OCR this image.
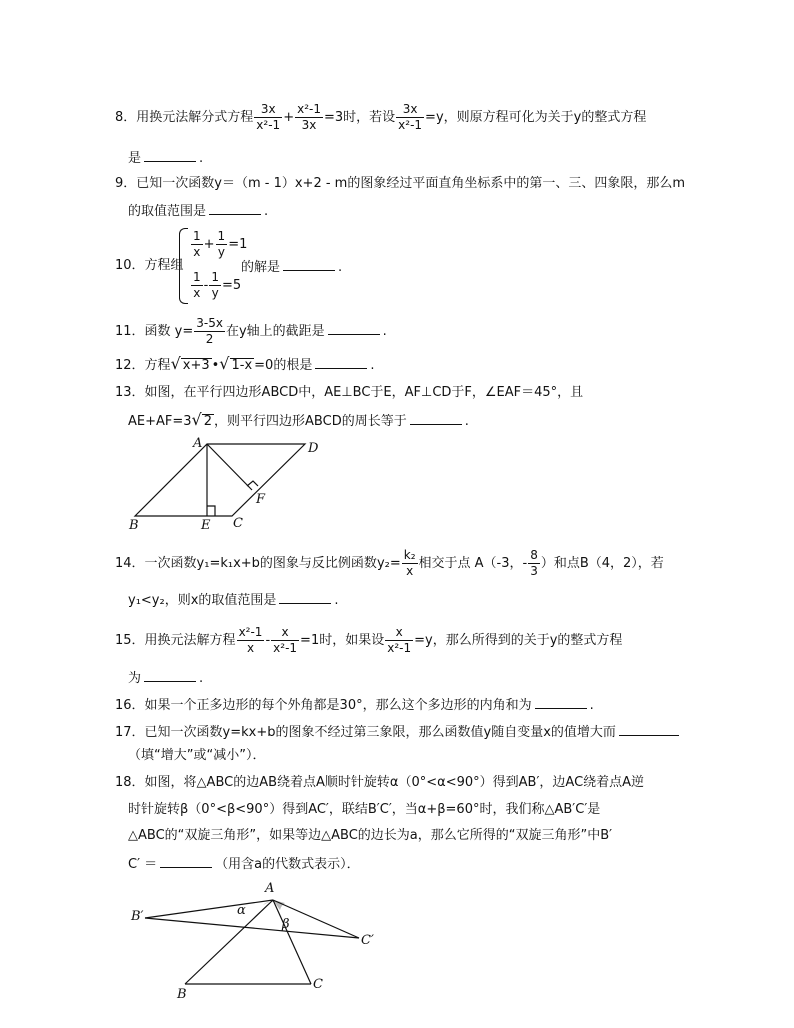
8．用换元法解分式方程 $\frac{3x}{\text{x²-1}} + \frac{\text{x²-1}}{3x} =3$时，若设 $\frac{3x}{\text{x²-1}} =y$，则原方程可化为关于y的整式方程
是	.
9．已知一次函数y＝（m - 1）x+2 - m的图象经过平面直角坐标系中的第一、三、四象限，那么m
的取值范围是	.
10．方程组
$\frac{1}{x} + \frac{1}{y} =1$
$\frac{1}{x} - \frac{1}{y} =5$
的解是	.
11．函数 $y= \frac{3-5x}{2}$ 在y轴上的截距是	.
12．方程√ x+3 •√ 1-x =0的根是	.
13．如图，在平行四边形ABCD中，AE⊥BC于E，AF⊥CD于F，∠EAF＝45°，且
AE+AF=3√ 2 ，则平行四边形ABCD的周长等于	.
A	D
F
B	E C
14．一次函数y₁=k₁x+b的图象与反比例函数$y_2= \frac{\text{k₂}}{x}$ 相交于点 A（-3，- $\frac{8}{3}$ ）和点B（4，2），若
y₁<y₂，则x的取值范围是	.
15．用换元法解方程 $\frac{\text{x²-1}}{x} - \frac{x}{\text{x²-1}} =1$时，如果设 $\frac{x}{\text{x²-1}} =y$，那么所得到的关于y的整式方程
为	.
16．如果一个正多边形的每个外角都是30°，那么这个多边形的内角和为	.
17．已知一次函数y=kx+b的图象不经过第三象限，那么函数值y随自变量x的值增大而
（填“增大”或“减小”）．
18．如图，将△ABC的边AB绕着点A顺时针旋转α（0°<α<90°）得到AB′，边AC绕着点A逆
时针旋转β（0°<β<90°）得到AC′，联结B′C′，当α+β=60°时，我们称△AB′C′是
△ABC的“双旋三角形”，如果等边△ABC的边长为a，那么它所得的“双旋三角形”中B′
C′ ＝	（用含a的代数式表示）．
A
B′
C′
α
β
B
C
